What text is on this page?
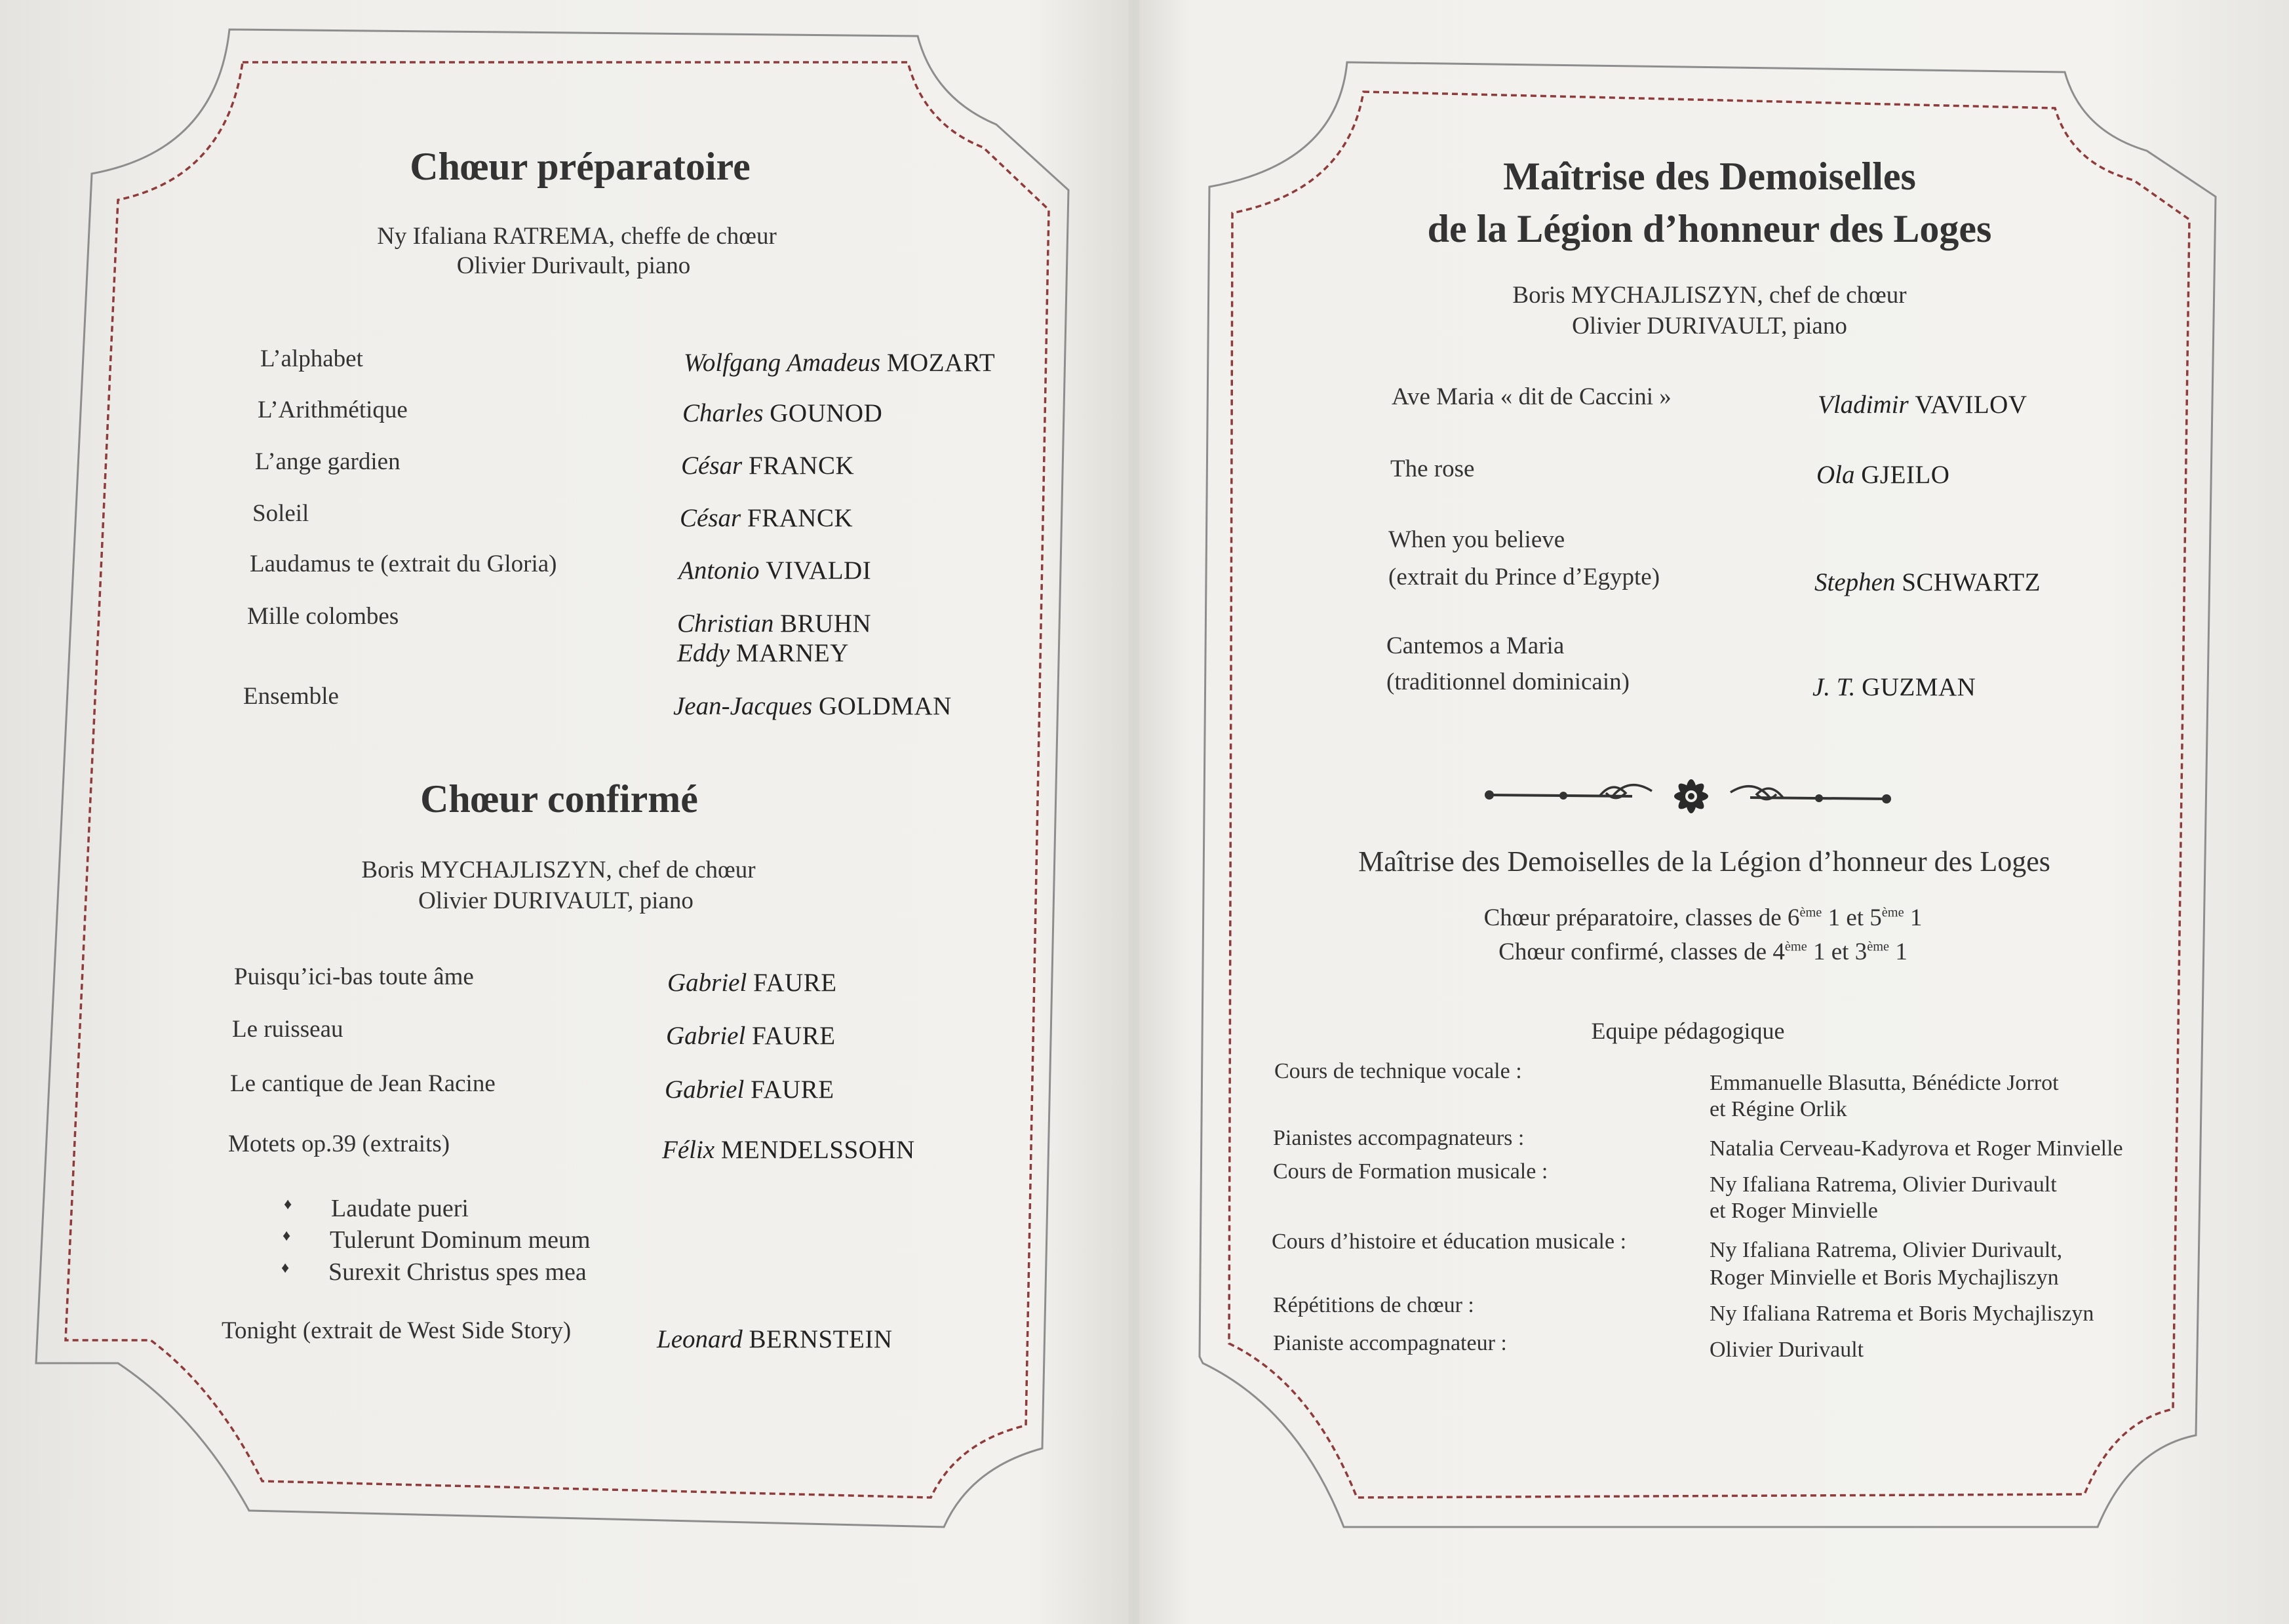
Chœur préparatoire
Ny Ifaliana RATREMA, cheffe de chœur
Olivier Durivault, piano
L’alphabet	Wolfgang Amadeus MOZART
L’Arithmétique	Charles GOUNOD
L’ange gardien	César FRANCK
Soleil	César FRANCK
Laudamus te (extrait du Gloria)	Antonio VIVALDI
Mille colombes	Christian BRUHN
Eddy MARNEY
Ensemble	Jean-Jacques GOLDMAN
Chœur confirmé
Boris MYCHAJLISZYN, chef de chœur
Olivier DURIVAULT, piano
Puisqu’ici-bas toute âme	Gabriel FAURE
Le ruisseau	Gabriel FAURE
Le cantique de Jean Racine	Gabriel FAURE
Motets op.39 (extraits)	Félix MENDELSSOHN
♦ Laudate pueri
♦ Tulerunt Dominum meum
♦ Surexit Christus spes mea
Tonight (extrait de West Side Story)	Leonard BERNSTEIN
Maîtrise des Demoiselles
de la Légion d’honneur des Loges
Boris MYCHAJLISZYN, chef de chœur
Olivier DURIVAULT, piano
Ave Maria « dit de Caccini »	Vladimir VAVILOV
The rose	Ola GJEILO
When you believe
(extrait du Prince d’Egypte)	Stephen SCHWARTZ
Cantemos a Maria
(traditionnel dominicain)	J. T. GUZMAN
Maîtrise des Demoiselles de la Légion d’honneur des Loges
Chœur préparatoire, classes de 6ème 1 et 5ème 1
Chœur confirmé, classes de 4ème 1 et 3ème 1
Equipe pédagogique
Cours de technique vocale :	Emmanuelle Blasutta, Bénédicte Jorrot
et Régine Orlik
Pianistes accompagnateurs :	Natalia Cerveau-Kadyrova et Roger Minvielle
Cours de Formation musicale :
Ny Ifaliana Ratrema, Olivier Durivault
et Roger Minvielle
Cours d’histoire et éducation musicale :	Ny Ifaliana Ratrema, Olivier Durivault,
Roger Minvielle et Boris Mychajliszyn
Répétitions de chœur :	Ny Ifaliana Ratrema et Boris Mychajliszyn
Pianiste accompagnateur :	Olivier Durivault
